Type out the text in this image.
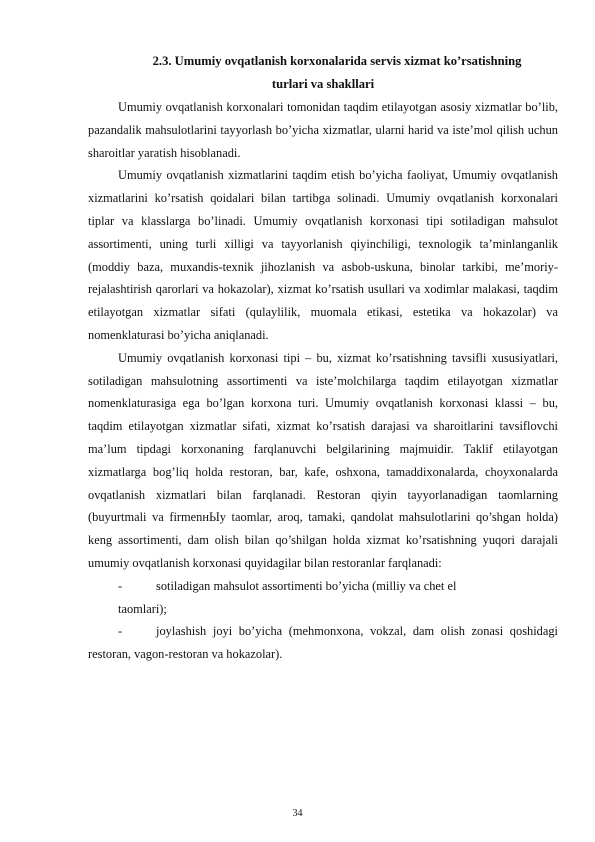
2.3. Umumiy ovqatlanish korxonalarida servis xizmat ko’rsatishning
turlari va shakllari

Umumiy ovqatlanish korxonalari tomonidan taqdim etilayotgan asosiy xizmatlar bo’lib, pazandalik mahsulotlarini tayyorlash bo’yicha xizmatlar, ularni harid va iste’mol qilish uchun sharoitlar yaratish hisoblanadi.

Umumiy ovqatlanish xizmatlarini taqdim etish bo’yicha faoliyat, Umumiy ovqatlanish xizmatlarini ko’rsatish qoidalari bilan tartibga solinadi. Umumiy ovqatlanish korxonalari tiplar va klasslarga bo’linadi. Umumiy ovqatlanish korxonasi tipi sotiladigan mahsulot assortimenti, uning turli xilligi va tayyorlanish qiyinchiligi, texnologik ta’minlanganlik (moddiy baza, muxandis-texnik jihozlanish va asbob-uskuna, binolar tarkibi, me’moriy-rejalashtirish qarorlari va hokazolar), xizmat ko’rsatish usullari va xodimlar malakasi, taqdim etilayotgan xizmatlar sifati (qulaylilik, muomala etikasi, estetika va hokazolar) va nomenklaturasi bo’yicha aniqlanadi.

Umumiy ovqatlanish korxonasi tipi – bu, xizmat ko’rsatishning tavsifli xususiyatlari, sotiladigan mahsulotning assortimenti va iste’molchilarga taqdim etilayotgan xizmatlar nomenklaturasiga ega bo’lgan korxona turi. Umumiy ovqatlanish korxonasi klassi – bu, taqdim etilayotgan xizmatlar sifati, xizmat ko’rsatish darajasi va sharoitlarini tavsiflovchi ma’lum tipdagi korxonaning farqlanuvchi belgilarining majmuidir. Taklif etilayotgan xizmatlarga bog’liq holda restoran, bar, kafe, oshxona, tamaddixonalarda, choyxonalarda ovqatlanish xizmatlari bilan farqlanadi. Restoran qiyin tayyorlanadigan taomlarning (buyurtmali va firmenнЫу taomlar, aroq, tamaki, qandolat mahsulotlarini qo’shgan holda) keng assortimenti, dam olish bilan qo’shilgan holda xizmat ko’rsatishning yuqori darajali umumiy ovqatlanish korxonasi quyidagilar bilan restoranlar farqlanadi:

-	sotiladigan mahsulot assortimenti bo’yicha (milliy va chet el
taomlari);
-	joylashish joyi bo’yicha (mehmonxona, vokzal, dam olish zonasi qoshidagi restoran, vagon-restoran va hokazolar).
34
